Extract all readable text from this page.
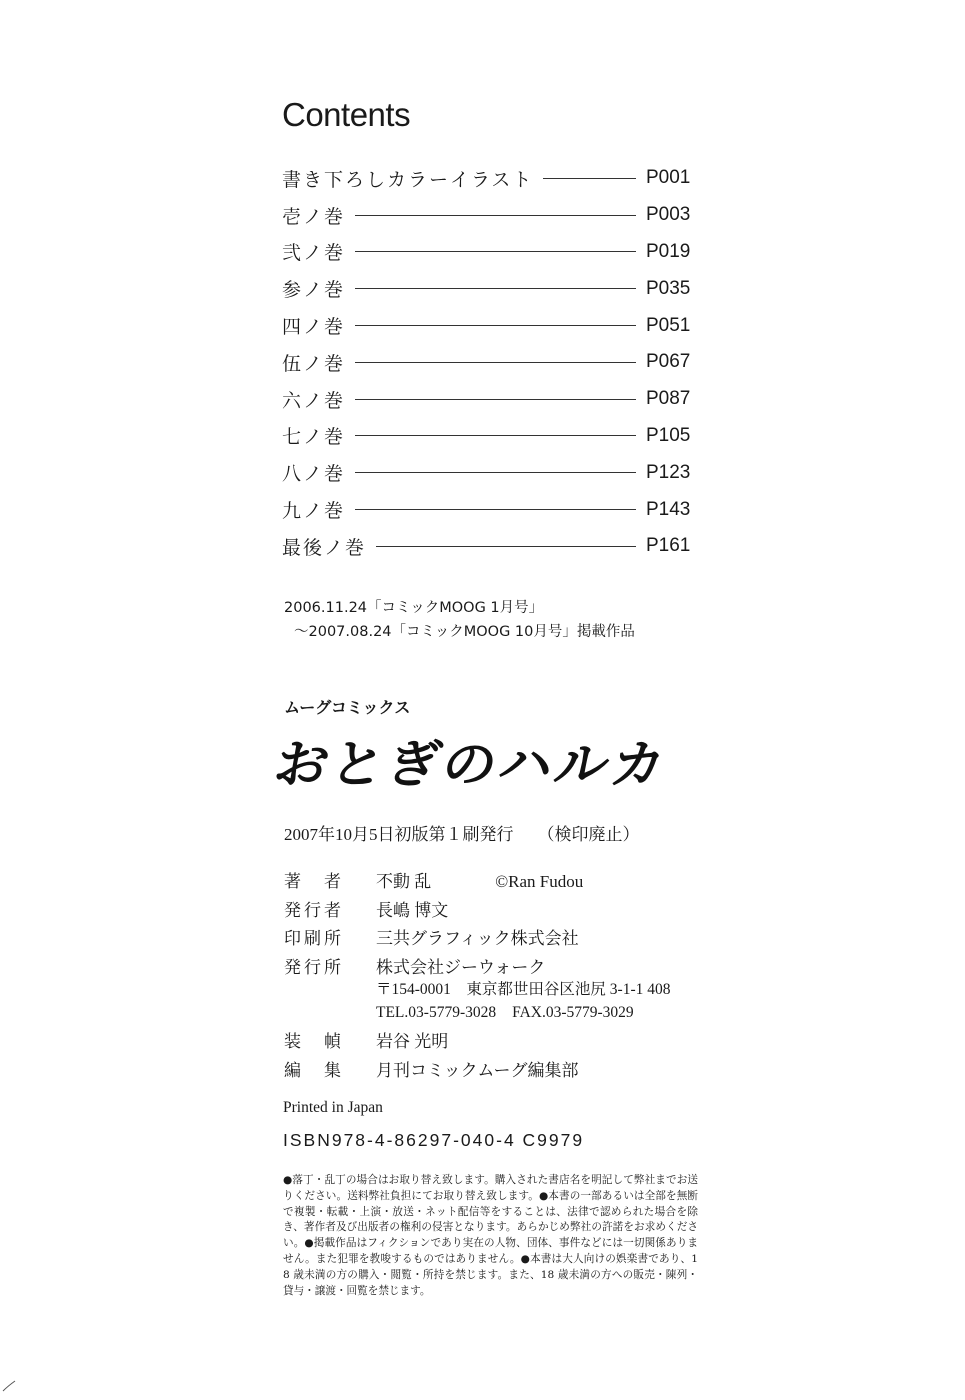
Contents
書き下ろしカラーイラスト	P001
壱ノ巻	P003
弐ノ巻	P019
参ノ巻	P035
四ノ巻	P051
伍ノ巻	P067
六ノ巻	P087
七ノ巻	P105
八ノ巻	P123
九ノ巻	P143
最後ノ巻	P161
2006.11.24「コミックMOOG 1月号」
～2007.08.24「コミックMOOG 10月号」掲載作品
ムーグコミックス
おとぎのハルカ
2007年10月5日初版第１刷発行 （検印廃止）
著　者	不動 乱	©Ran Fudou
発行者	長嶋 博文
印刷所	三共グラフィック株式会社
発行所	株式会社ジーウォーク
〒154-0001　東京都世田谷区池尻 3-1-1 408
TEL.03-5779-3028 FAX.03-5779-3029
装　幀	岩谷 光明
編　集	月刊コミックムーグ編集部
Printed in Japan
ISBN978-4-86297-040-4 C9979
●落丁・乱丁の場合はお取り替え致します。購入された書店名を明記して弊社までお送りください。送料弊社負担にてお取り替え致します。●本書の一部あるいは全部を無断で複製・転載・上演・放送・ネット配信等をすることは、法律で認められた場合を除き、著作者及び出版者の権利の侵害となります。あらかじめ弊社の許諾をお求めください。●掲載作品はフィクションであり実在の人物、団体、事件などには一切関係ありません。また犯罪を教唆するものではありません。●本書は大人向けの娯楽書であり、18 歳未満の方の購入・閲覧・所持を禁じます。また、18 歳未満の方への販売・陳列・貸与・譲渡・回覧を禁じます。
